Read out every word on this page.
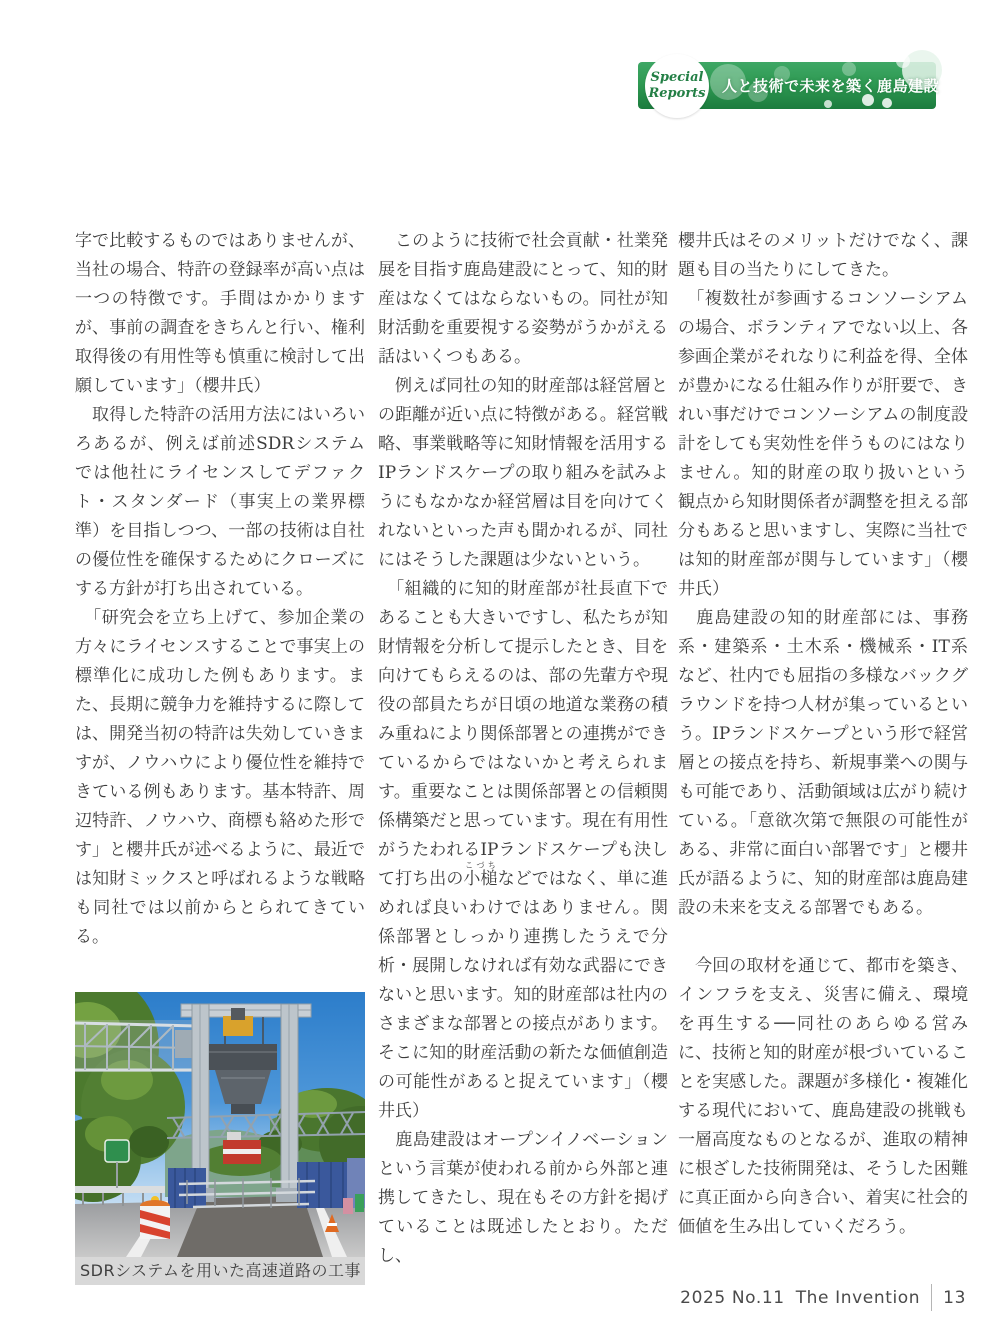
Special
Reports 人と技術で未来を築く鹿島建設

字で比較するものではありませんが、当社の場合、特許の登録率が高い点は一つの特徴です。手間はかかりますが、事前の調査をきちんと行い、権利取得後の有用性等も慎重に検討して出願しています」（櫻井氏）

　取得した特許の活用方法にはいろいろあるが、例えば前述SDRシステムでは他社にライセンスしてデファクト・スタンダード（事実上の業界標準）を目指しつつ、一部の技術は自社の優位性を確保するためにクローズにする方針が打ち出されている。

　「研究会を立ち上げて、参加企業の方々にライセンスすることで事実上の標準化に成功した例もあります。また、長期に競争力を維持するに際しては、開発当初の特許は失効していきますが、ノウハウにより優位性を維持できている例もあります。基本特許、周辺特許、ノウハウ、商標も絡めた形です」と櫻井氏が述べるように、最近では知財ミックスと呼ばれるような戦略も同社では以前からとられてきている。

SDRシステムを用いた高速道路の工事

　このように技術で社会貢献・社業発展を目指す鹿島建設にとって、知的財産はなくてはならないもの。同社が知財活動を重要視する姿勢がうかがえる話はいくつもある。

　例えば同社の知的財産部は経営層との距離が近い点に特徴がある。経営戦略、事業戦略等に知財情報を活用するIPランドスケープの取り組みを試みようにもなかなか経営層は目を向けてくれないといった声も聞かれるが、同社にはそうした課題は少ないという。

　「組織的に知的財産部が社長直下であることも大きいですし、私たちが知財情報を分析して提示したとき、目を向けてもらえるのは、部の先輩方や現役の部員たちが日頃の地道な業務の積み重ねにより関係部署との連携ができているからではないかと考えられます。重要なことは関係部署との信頼関係構築だと思っています。現在有用性がうたわれるIPランドスケープも決して打ち出の小槌こづちなどではなく、単に進めれば良いわけではありません。関係部署としっかり連携したうえで分析・展開しなければ有効な武器にできないと思います。知的財産部は社内のさまざまな部署との接点があります。そこに知的財産活動の新たな価値創造の可能性があると捉えています」（櫻井氏）

　鹿島建設はオープンイノベーションという言葉が使われる前から外部と連携してきたし、現在もその方針を掲げていることは既述したとおり。ただし、

櫻井氏はそのメリットだけでなく、課題も目の当たりにしてきた。

　「複数社が参画するコンソーシアムの場合、ボランティアでない以上、各参画企業がそれなりに利益を得、全体が豊かになる仕組み作りが肝要で、きれい事だけでコンソーシアムの制度設計をしても実効性を伴うものにはなりません。知的財産の取り扱いという観点から知財関係者が調整を担える部分もあると思いますし、実際に当社では知的財産部が関与しています」（櫻井氏）

　鹿島建設の知的財産部には、事務系・建築系・土木系・機械系・IT系など、社内でも屈指の多様なバックグラウンドを持つ人材が集っているという。IPランドスケープという形で経営層との接点を持ち、新規事業への関与も可能であり、活動領域は広がり続けている。「意欲次第で無限の可能性がある、非常に面白い部署です」と櫻井氏が語るように、知的財産部は鹿島建設の未来を支える部署でもある。

　今回の取材を通じて、都市を築き、インフラを支え、災害に備え、環境を再生する──同社のあらゆる営みに、技術と知的財産が根づいていることを実感した。課題が多様化・複雑化する現代において、鹿島建設の挑戦も一層高度なものとなるが、進取の精神に根ざした技術開発は、そうした困難に真正面から向き合い、着実に社会的価値を生み出していくだろう。

2025 No.11 The Invention 13
